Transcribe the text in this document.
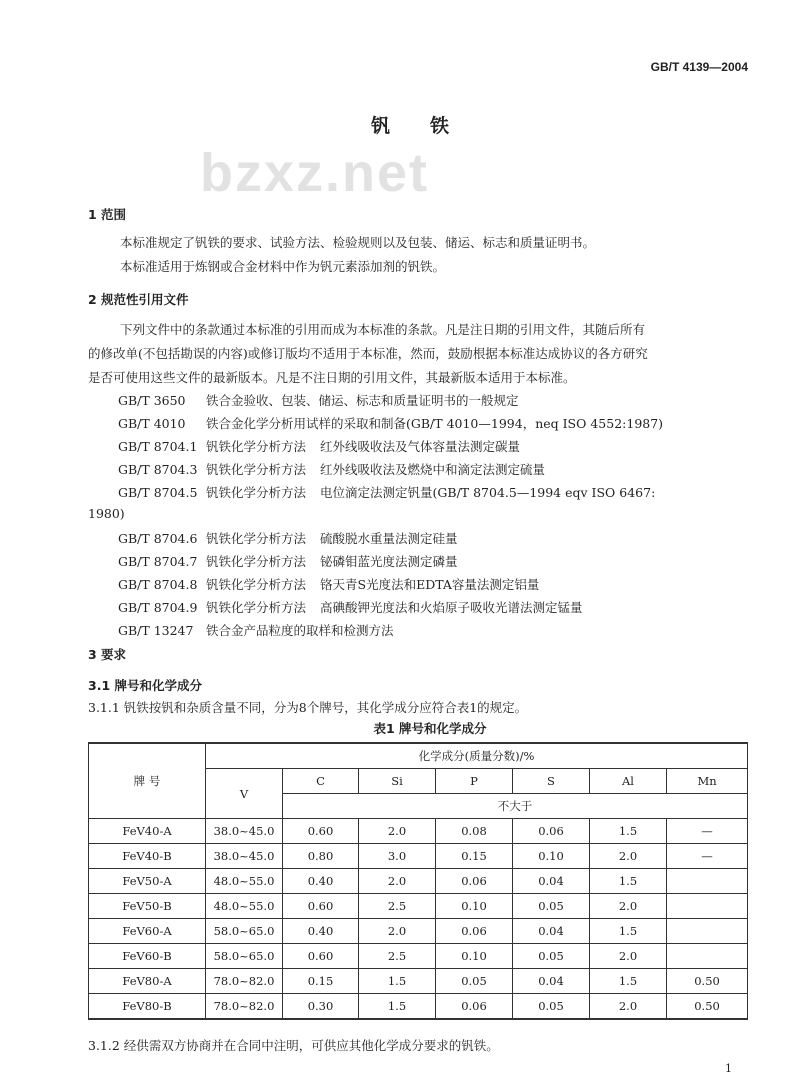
GB/T 4139—2004
bzxz.net
钒铁
1 范围
本标准规定了钒铁的要求、试验方法、检验规则以及包装、储运、标志和质量证明书。
本标准适用于炼钢或合金材料中作为钒元素添加剂的钒铁。
2 规范性引用文件
下列文件中的条款通过本标准的引用而成为本标准的条款。凡是注日期的引用文件，其随后所有
的修改单(不包括勘误的内容)或修订版均不适用于本标准，然而，鼓励根据本标准达成协议的各方研究
是否可使用这些文件的最新版本。凡是不注日期的引用文件，其最新版本适用于本标准。
GB/T 3650 铁合金验收、包装、储运、标志和质量证明书的一般规定
GB/T 4010 铁合金化学分析用试样的采取和制备(GB/T 4010—1994，neq ISO 4552:1987)
GB/T 8704.1 钒铁化学分析方法 红外线吸收法及气体容量法测定碳量
GB/T 8704.3 钒铁化学分析方法 红外线吸收法及燃烧中和滴定法测定硫量
GB/T 8704.5 钒铁化学分析方法 电位滴定法测定钒量(GB/T 8704.5—1994 eqv ISO 6467:
GB/T 8704.6 钒铁化学分析方法 硫酸脱水重量法测定硅量
GB/T 8704.7 钒铁化学分析方法 铋磷钼蓝光度法测定磷量
GB/T 8704.8 钒铁化学分析方法 铬天青S光度法和EDTA容量法测定铝量
GB/T 8704.9 钒铁化学分析方法 高碘酸钾光度法和火焰原子吸收光谱法测定锰量
GB/T 13247 铁合金产品粒度的取样和检测方法
1980)
3 要求
3.1 牌号和化学成分
3.1.1 钒铁按钒和杂质含量不同，分为8个牌号，其化学成分应符合表1的规定。
表1 牌号和化学成分
牌 号	化学成分(质量分数)/%						
	V	C	Si	P	S	Al	Mn
		不大于					
FeV40-A	38.0~45.0	0.60	2.0	0.08	0.06	1.5	—
FeV40-B	38.0~45.0	0.80	3.0	0.15	0.10	2.0	—
FeV50-A	48.0~55.0	0.40	2.0	0.06	0.04	1.5	
FeV50-B	48.0~55.0	0.60	2.5	0.10	0.05	2.0	
FeV60-A	58.0~65.0	0.40	2.0	0.06	0.04	1.5	
FeV60-B	58.0~65.0	0.60	2.5	0.10	0.05	2.0	
FeV80-A	78.0~82.0	0.15	1.5	0.05	0.04	1.5	0.50
FeV80-B	78.0~82.0	0.30	1.5	0.06	0.05	2.0	0.50
3.1.2 经供需双方协商并在合同中注明，可供应其他化学成分要求的钒铁。
1
